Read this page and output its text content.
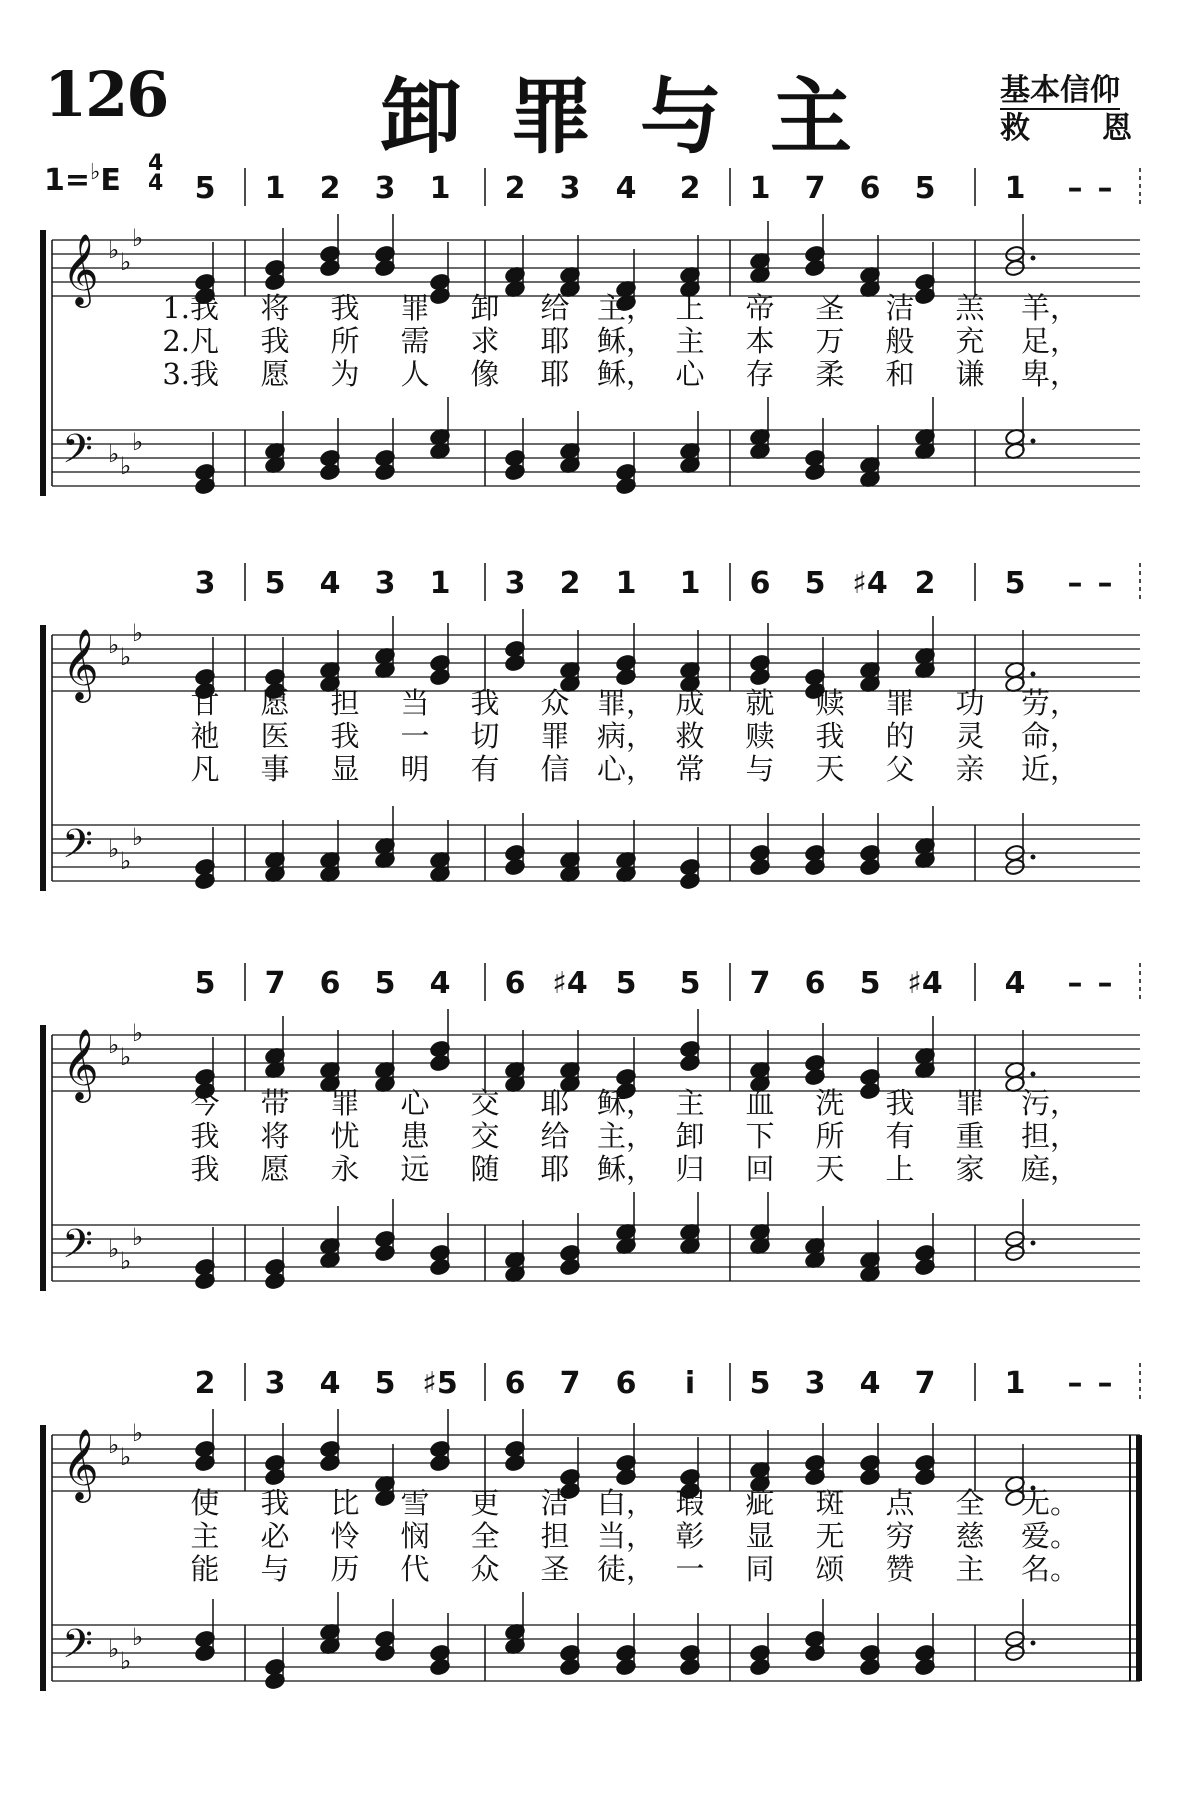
126	卸罪与主	基本信仰
救恩
1=♭E 4
4 5 1 2 3 1 2 3 4 2 1 7 6 5 1 – –
𝄞
𝄢
♭
♭
♭
♭
♭
♭
1.我 将 我 罪 卸 给 主， 上 帝 圣 洁 羔 羊，
2.凡 我 所 需 求 耶 稣， 主 本 万 般 充 足，
3.我 愿 为 人 像 耶 稣， 心 存 柔 和 谦 卑，
3 5 4 3 1 3 2 1 1 6 5 ♯4 2 5 – –
𝄞
𝄢
♭
♭
♭
♭
♭
♭
甘 愿 担 当 我 众 罪， 成 就 赎 罪 功 劳，
祂 医 我 一 切 罪 病， 救 赎 我 的 灵 命，
凡 事 显 明 有 信 心， 常 与 天 父 亲 近，
5 7 6 5 4 6 ♯4 5 5 7 6 5 ♯4 4 – –
𝄞
𝄢
♭
♭
♭
♭
♭
♭
今 带 罪 心 交 耶 稣， 主 血 洗 我 罪 污，
我 将 忧 患 交 给 主， 卸 下 所 有 重 担，
我 愿 永 远 随 耶 稣， 归 回 天 上 家 庭，
2 3 4 5 ♯5 6 7 6 i 5 3 4 7 1 – –
𝄞
𝄢
♭
♭
♭
♭
♭
♭
使 我 比 雪 更 洁 白， 瑕 疵 斑 点 全 无。
主 必 怜 悯 全 担 当， 彰 显 无 穷 慈 爱。
能 与 历 代 众 圣 徒， 一 同 颂 赞 主 名。
